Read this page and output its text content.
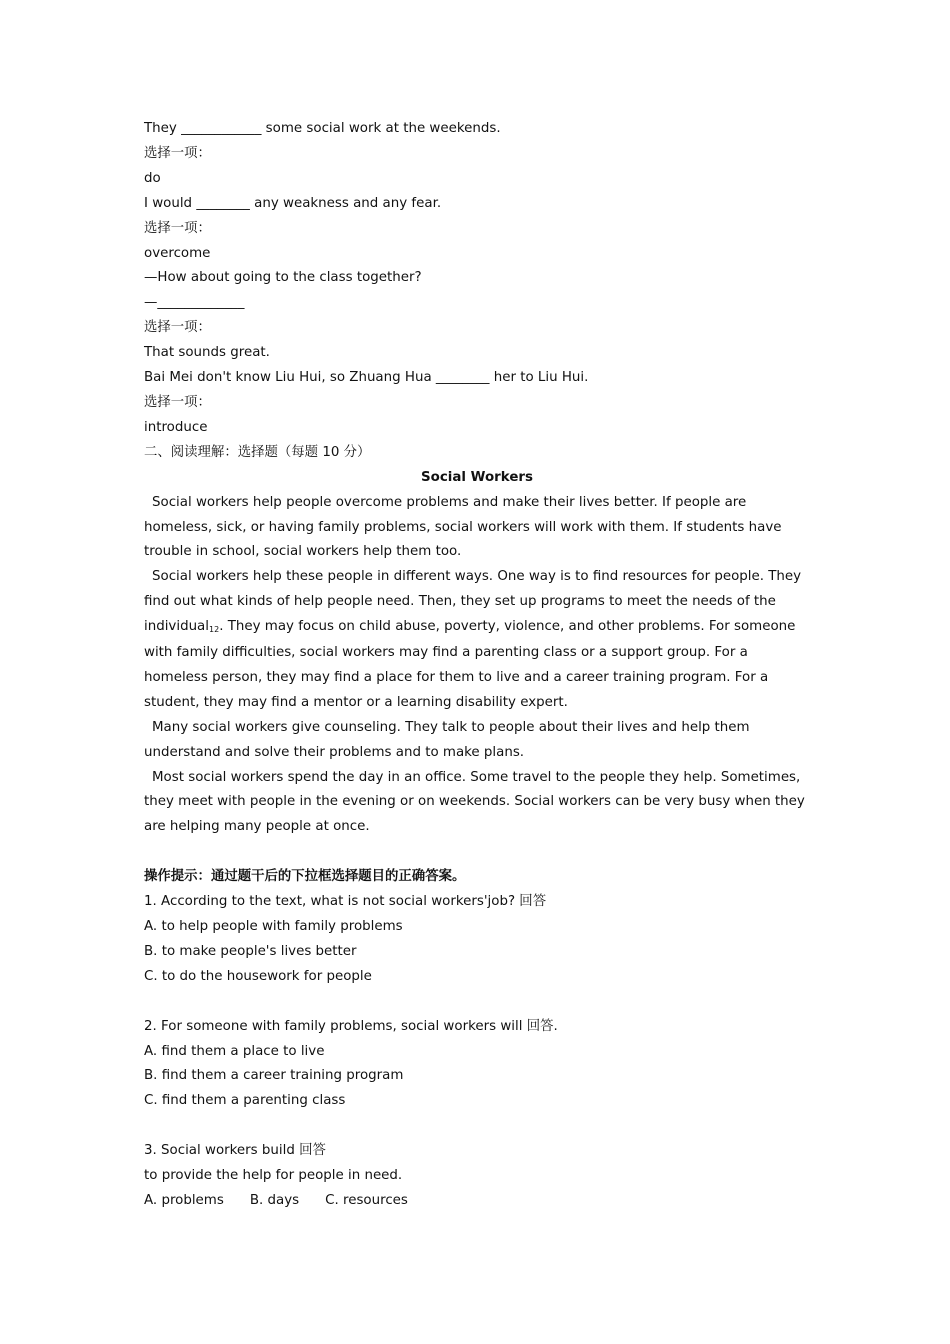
They ____________ some social work at the weekends.

选择一项：

do

I would ________ any weakness and any fear.

选择一项：

overcome

—How about going to the class together?

—_____________

选择一项：

That sounds great.

Bai Mei don't know Liu Hui, so Zhuang Hua ________ her to Liu Hui.

选择一项：

introduce

二、阅读理解：选择题（每题 10 分）

Social Workers

Social workers help people overcome problems and make their lives better. If people are homeless, sick, or having family problems, social workers will work with them. If students have trouble in school, social workers help them too.

Social workers help these people in different ways. One way is to find resources for people. They find out what kinds of help people need. Then, they set up programs to meet the needs of the individual$_{12}$. They may focus on child abuse, poverty, violence, and other problems. For someone with family difficulties, social workers may find a parenting class or a support group. For a homeless person, they may find a place for them to live and a career training program. For a student, they may find a mentor or a learning disability expert.

Many social workers give counseling. They talk to people about their lives and help them understand and solve their problems and to make plans.

Most social workers spend the day in an office. Some travel to the people they help. Sometimes, they meet with people in the evening or on weekends. Social workers can be very busy when they are helping many people at once.

操作提示：通过题干后的下拉框选择题目的正确答案。

1. According to the text, what is not social workers'job? 回答

A. to help people with family problems

B. to make people's lives better

C. to do the housework for people

2. For someone with family problems, social workers will 回答.

A. find them a place to live

B. find them a career training program

C. find them a parenting class

3. Social workers build 回答

to provide the help for people in need.

A. problems B. days C. resources
